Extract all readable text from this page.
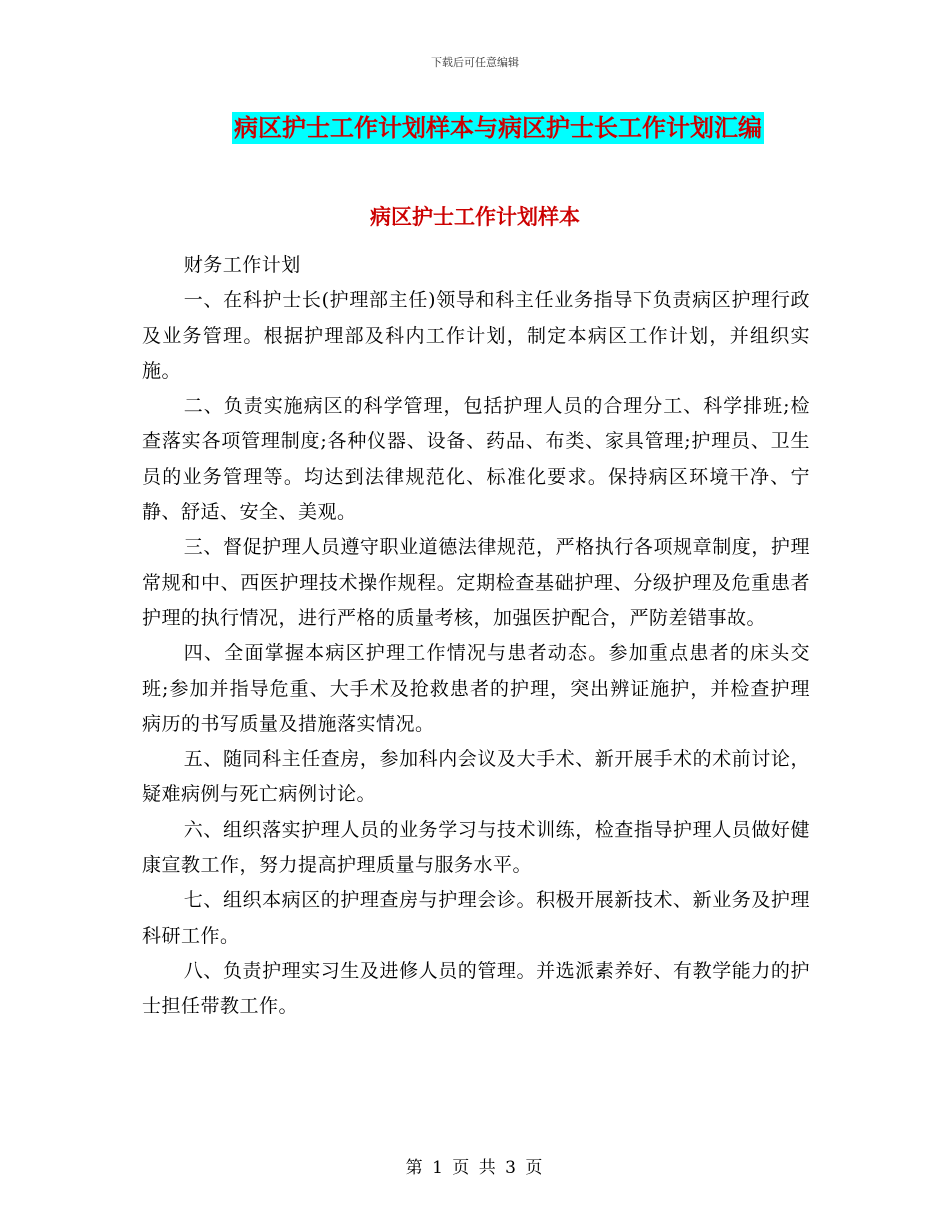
下载后可任意编辑
病区护士工作计划样本与病区护士长工作计划汇编
病区护士工作计划样本

财务工作计划

一、在科护士长(护理部主任)领导和科主任业务指导下负责病区护理行政及业务管理。根据护理部及科内工作计划，制定本病区工作计划，并组织实施。

二、负责实施病区的科学管理，包括护理人员的合理分工、科学排班;检查落实各项管理制度;各种仪器、设备、药品、布类、家具管理;护理员、卫生员的业务管理等。均达到法律规范化、标准化要求。保持病区环境干净、宁静、舒适、安全、美观。

三、督促护理人员遵守职业道德法律规范，严格执行各项规章制度，护理常规和中、西医护理技术操作规程。定期检查基础护理、分级护理及危重患者护理的执行情况，进行严格的质量考核，加强医护配合，严防差错事故。

四、全面掌握本病区护理工作情况与患者动态。参加重点患者的床头交班;参加并指导危重、大手术及抢救患者的护理，突出辨证施护，并检查护理病历的书写质量及措施落实情况。

五、随同科主任查房，参加科内会议及大手术、新开展手术的术前讨论，疑难病例与死亡病例讨论。

六、组织落实护理人员的业务学习与技术训练，检查指导护理人员做好健康宣教工作，努力提高护理质量与服务水平。

七、组织本病区的护理查房与护理会诊。积极开展新技术、新业务及护理科研工作。

八、负责护理实习生及进修人员的管理。并选派素养好、有教学能力的护士担任带教工作。

第 1 页 共 3 页
